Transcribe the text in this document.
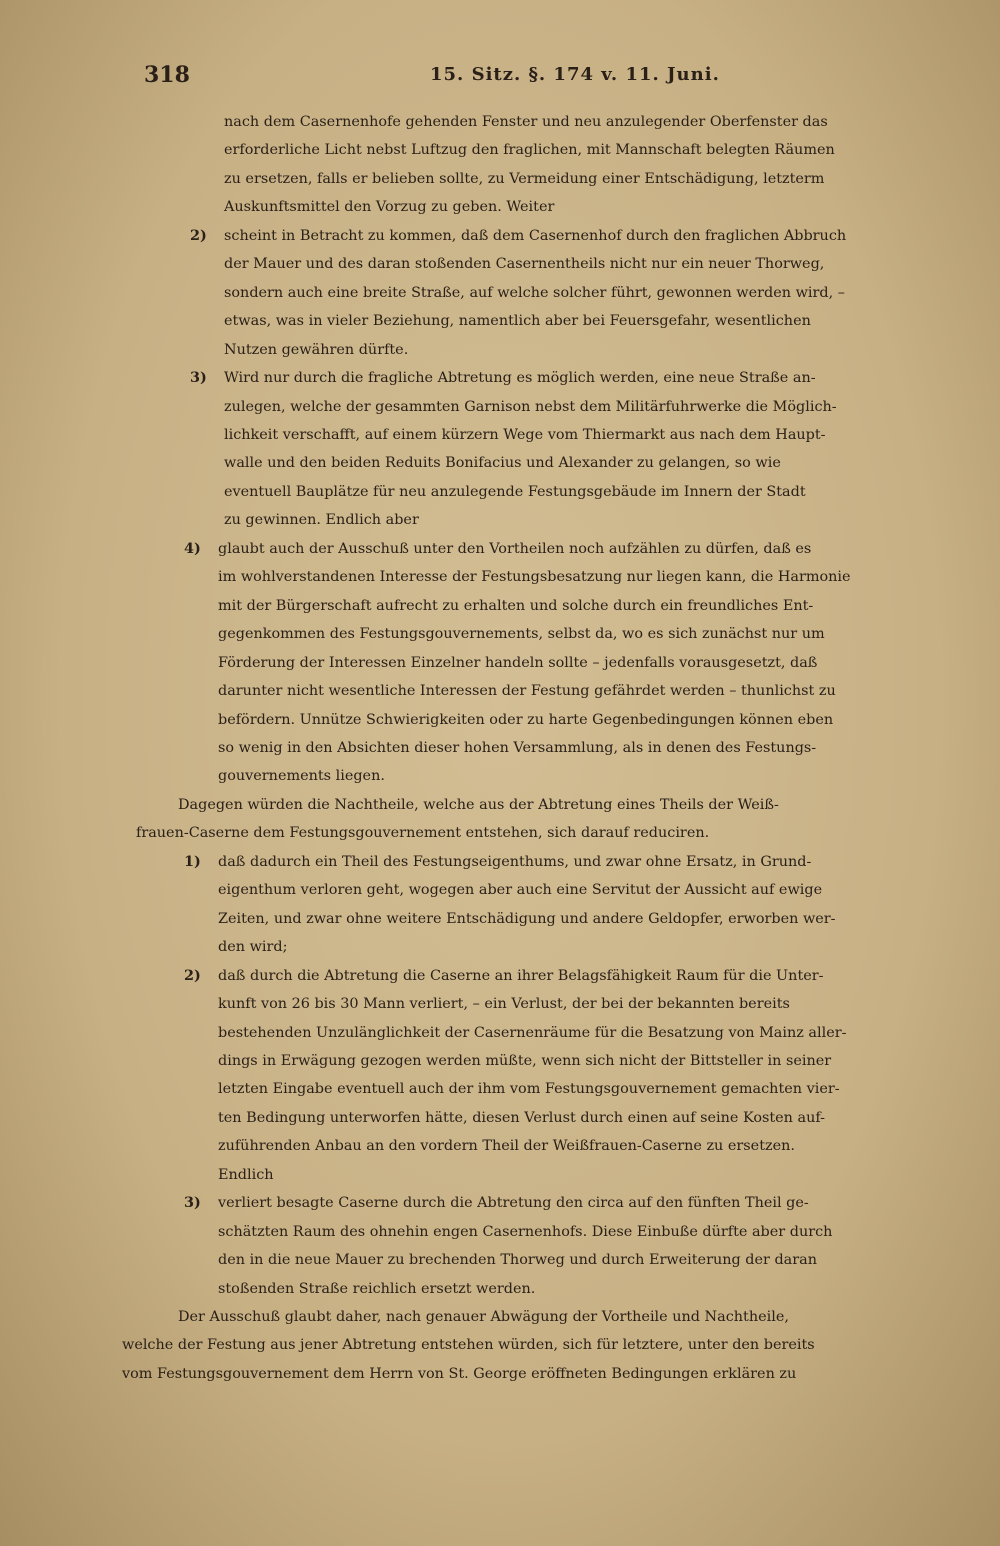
318	15. Sitz. §. 174 v. 11. Juni.
nach dem Casernenhofe gehenden Fenster und neu anzulegender Oberfenster das
erforderliche Licht nebst Luftzug den fraglichen, mit Mannschaft belegten Räumen
zu ersetzen, falls er belieben sollte, zu Vermeidung einer Entschädigung, letzterm
Auskunftsmittel den Vorzug zu geben. Weiter
2) scheint in Betracht zu kommen, daß dem Casernenhof durch den fraglichen Abbruch
der Mauer und des daran stoßenden Casernentheils nicht nur ein neuer Thorweg,
sondern auch eine breite Straße, auf welche solcher führt, gewonnen werden wird, –
etwas, was in vieler Beziehung, namentlich aber bei Feuersgefahr, wesentlichen
Nutzen gewähren dürfte.
3) Wird nur durch die fragliche Abtretung es möglich werden, eine neue Straße an-
zulegen, welche der gesammten Garnison nebst dem Militärfuhrwerke die Möglich-
lichkeit verschafft, auf einem kürzern Wege vom Thiermarkt aus nach dem Haupt-
walle und den beiden Reduits Bonifacius und Alexander zu gelangen, so wie
eventuell Bauplätze für neu anzulegende Festungsgebäude im Innern der Stadt
zu gewinnen. Endlich aber
4) glaubt auch der Ausschuß unter den Vortheilen noch aufzählen zu dürfen, daß es
im wohlverstandenen Interesse der Festungsbesatzung nur liegen kann, die Harmonie
mit der Bürgerschaft aufrecht zu erhalten und solche durch ein freundliches Ent-
gegenkommen des Festungsgouvernements, selbst da, wo es sich zunächst nur um
Förderung der Interessen Einzelner handeln sollte – jedenfalls vorausgesetzt, daß
darunter nicht wesentliche Interessen der Festung gefährdet werden – thunlichst zu
befördern. Unnütze Schwierigkeiten oder zu harte Gegenbedingungen können eben
so wenig in den Absichten dieser hohen Versammlung, als in denen des Festungs-
gouvernements liegen.
Dagegen würden die Nachtheile, welche aus der Abtretung eines Theils der Weiß-
frauen-Caserne dem Festungsgouvernement entstehen, sich darauf reduciren.
1) daß dadurch ein Theil des Festungseigenthums, und zwar ohne Ersatz, in Grund-
eigenthum verloren geht, wogegen aber auch eine Servitut der Aussicht auf ewige
Zeiten, und zwar ohne weitere Entschädigung und andere Geldopfer, erworben wer-
den wird;
2) daß durch die Abtretung die Caserne an ihrer Belagsfähigkeit Raum für die Unter-
kunft von 26 bis 30 Mann verliert, – ein Verlust, der bei der bekannten bereits
bestehenden Unzulänglichkeit der Casernenräume für die Besatzung von Mainz aller-
dings in Erwägung gezogen werden müßte, wenn sich nicht der Bittsteller in seiner
letzten Eingabe eventuell auch der ihm vom Festungsgouvernement gemachten vier-
ten Bedingung unterworfen hätte, diesen Verlust durch einen auf seine Kosten auf-
zuführenden Anbau an den vordern Theil der Weißfrauen-Caserne zu ersetzen.
Endlich
3) verliert besagte Caserne durch die Abtretung den circa auf den fünften Theil ge-
schätzten Raum des ohnehin engen Casernenhofs. Diese Einbuße dürfte aber durch
den in die neue Mauer zu brechenden Thorweg und durch Erweiterung der daran
stoßenden Straße reichlich ersetzt werden.
Der Ausschuß glaubt daher, nach genauer Abwägung der Vortheile und Nachtheile,
welche der Festung aus jener Abtretung entstehen würden, sich für letztere, unter den bereits
vom Festungsgouvernement dem Herrn von St. George eröffneten Bedingungen erklären zu
